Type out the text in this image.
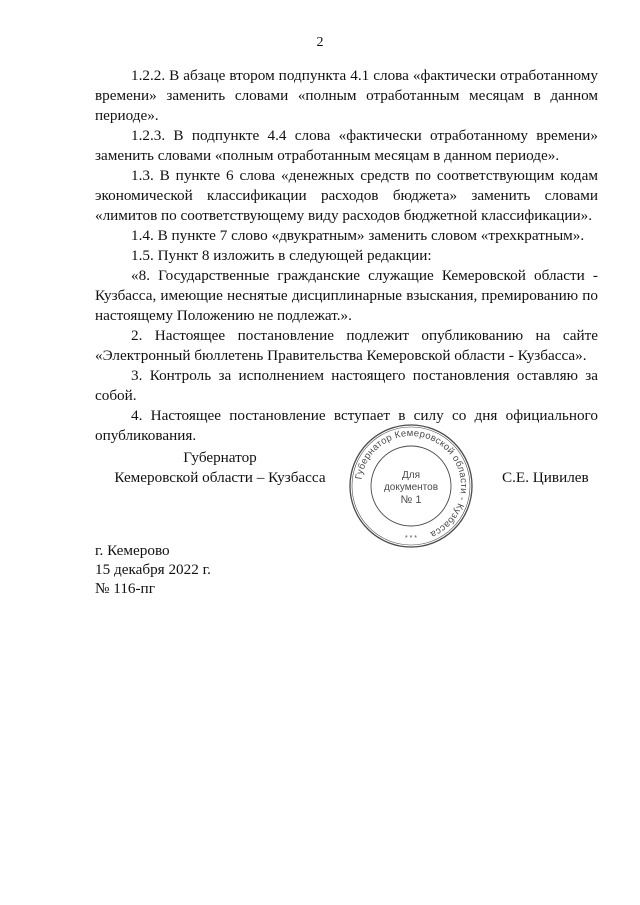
2

1.2.2. В абзаце втором подпункта 4.1 слова «фактически отработанному времени» заменить словами «полным отработанным месяцам в данном периоде».

1.2.3. В подпункте 4.4 слова «фактически отработанному времени» заменить словами «полным отработанным месяцам в данном периоде».

1.3. В пункте 6 слова «денежных средств по соответствующим кодам экономической классификации расходов бюджета» заменить словами «лимитов по соответствующему виду расходов бюджетной классификации».

1.4. В пункте 7 слово «двукратным» заменить словом «трехкратным».

1.5. Пункт 8 изложить в следующей редакции:

«8. Государственные гражданские служащие Кемеровской области - Кузбасса, имеющие неснятые дисциплинарные взыскания, премированию по настоящему Положению не подлежат.».

2. Настоящее постановление подлежит опубликованию на сайте «Электронный бюллетень Правительства Кемеровской области - Кузбасса».

3. Контроль за исполнением настоящего постановления оставляю за собой.

4. Настоящее постановление вступает в силу со дня официального опубликования.

Губернатор
Кемеровской области – Кузбасса	С.Е. Цивилев
Губернатор Кемеровской области - Кузбасса
Для
документов
№ 1
* * *
г. Кемерово
15 декабря 2022 г.
№ 116-пг
